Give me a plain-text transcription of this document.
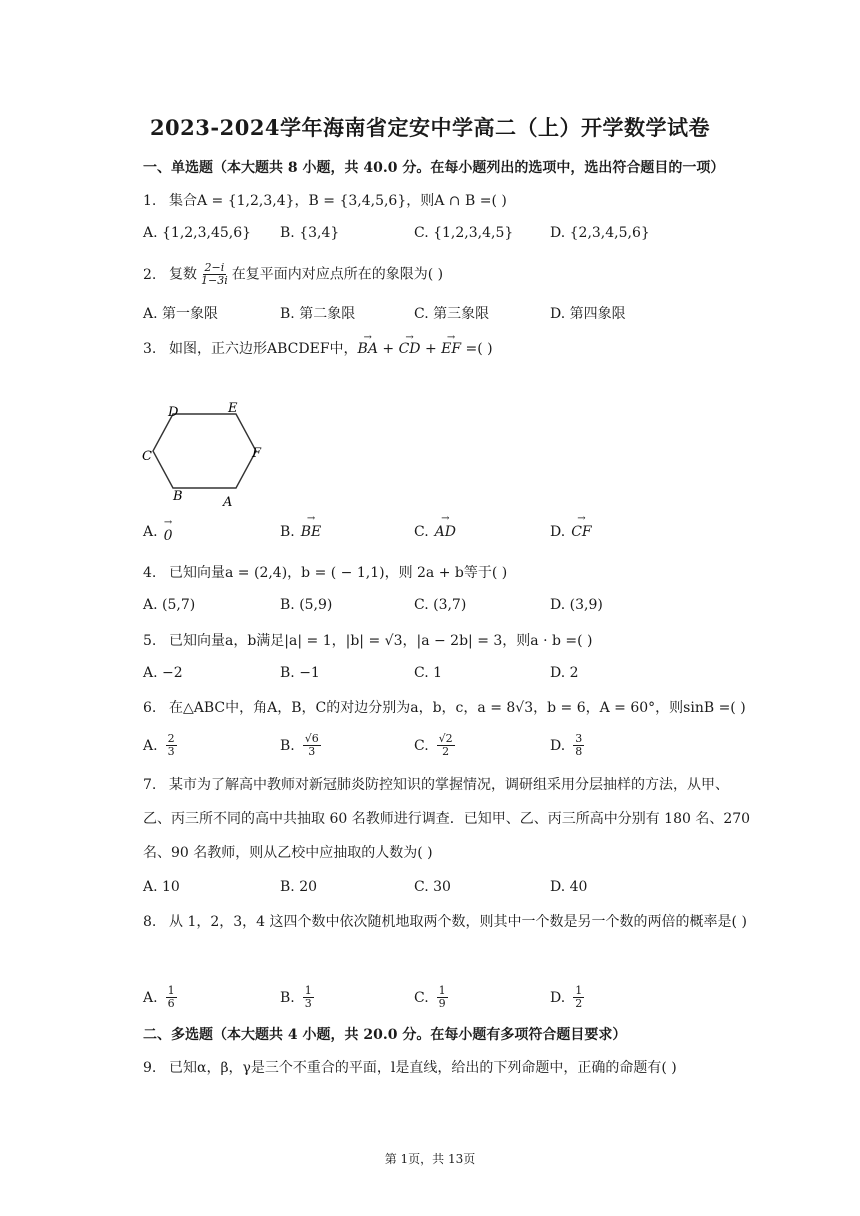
2023-2024学年海南省定安中学高二（上）开学数学试卷
一、单选题（本大题共 8 小题，共 40.0 分。在每小题列出的选项中，选出符合题目的一项）
1. 集合A = {1,2,3,4}，B = {3,4,5,6}，则A ∩ B =( )
A. {1,2,3,45,6} B. {3,4}	C. {1,2,3,4,5}	D. {2,3,4,5,6}
2. 复数 $\frac{2-i}{1-3i}$ 在复平面内对应点所在的象限为( )
A. 第一象限	B. 第二象限	C. 第三象限	D. 第四象限
3. 如图，正六边形ABCDEF中，→ BA + → CD + → EF =( )
D	E
C	F
B	A
A. → 0	B. → BE	C. → AD	D. → CF
4. 已知向量a = (2,4)，b = ( − 1,1)，则 2a + b等于( )
A. (5,7)	B. (5,9)	C. (3,7)	D. (3,9)
5. 已知向量a，b满足|a| = 1，|b| = √3，|a − 2b| = 3，则a · b =( )
A. −2	B. −1	C. 1	D. 2
6. 在△ABC中，角A，B，C的对边分别为a，b，c，a = 8√3，b = 6，A = 60°，则sinB =( )
A. $\frac{2}{3}$	B. $\frac{√6}{3}$	C. $\frac{√2}{2}$	D. $\frac{3}{8}$
7. 某市为了解高中教师对新冠肺炎防控知识的掌握情况，调研组采用分层抽样的方法，从甲、乙、丙三所不同的高中共抽取 60 名教师进行调查．已知甲、乙、丙三所高中分别有 180 名、270 名、90 名教师，则从乙校中应抽取的人数为( )
A. 10	B. 20	C. 30	D. 40
8. 从 1，2，3，4 这四个数中依次随机地取两个数，则其中一个数是另一个数的两倍的概率是( )
A. $\frac{1}{6}$	B. $\frac{1}{3}$	C. $\frac{1}{9}$	D. $\frac{1}{2}$
二、多选题（本大题共 4 小题，共 20.0 分。在每小题有多项符合题目要求）
9. 已知α，β，γ是三个不重合的平面，l是直线，给出的下列命题中，正确的命题有( )
第 1页，共 13页
